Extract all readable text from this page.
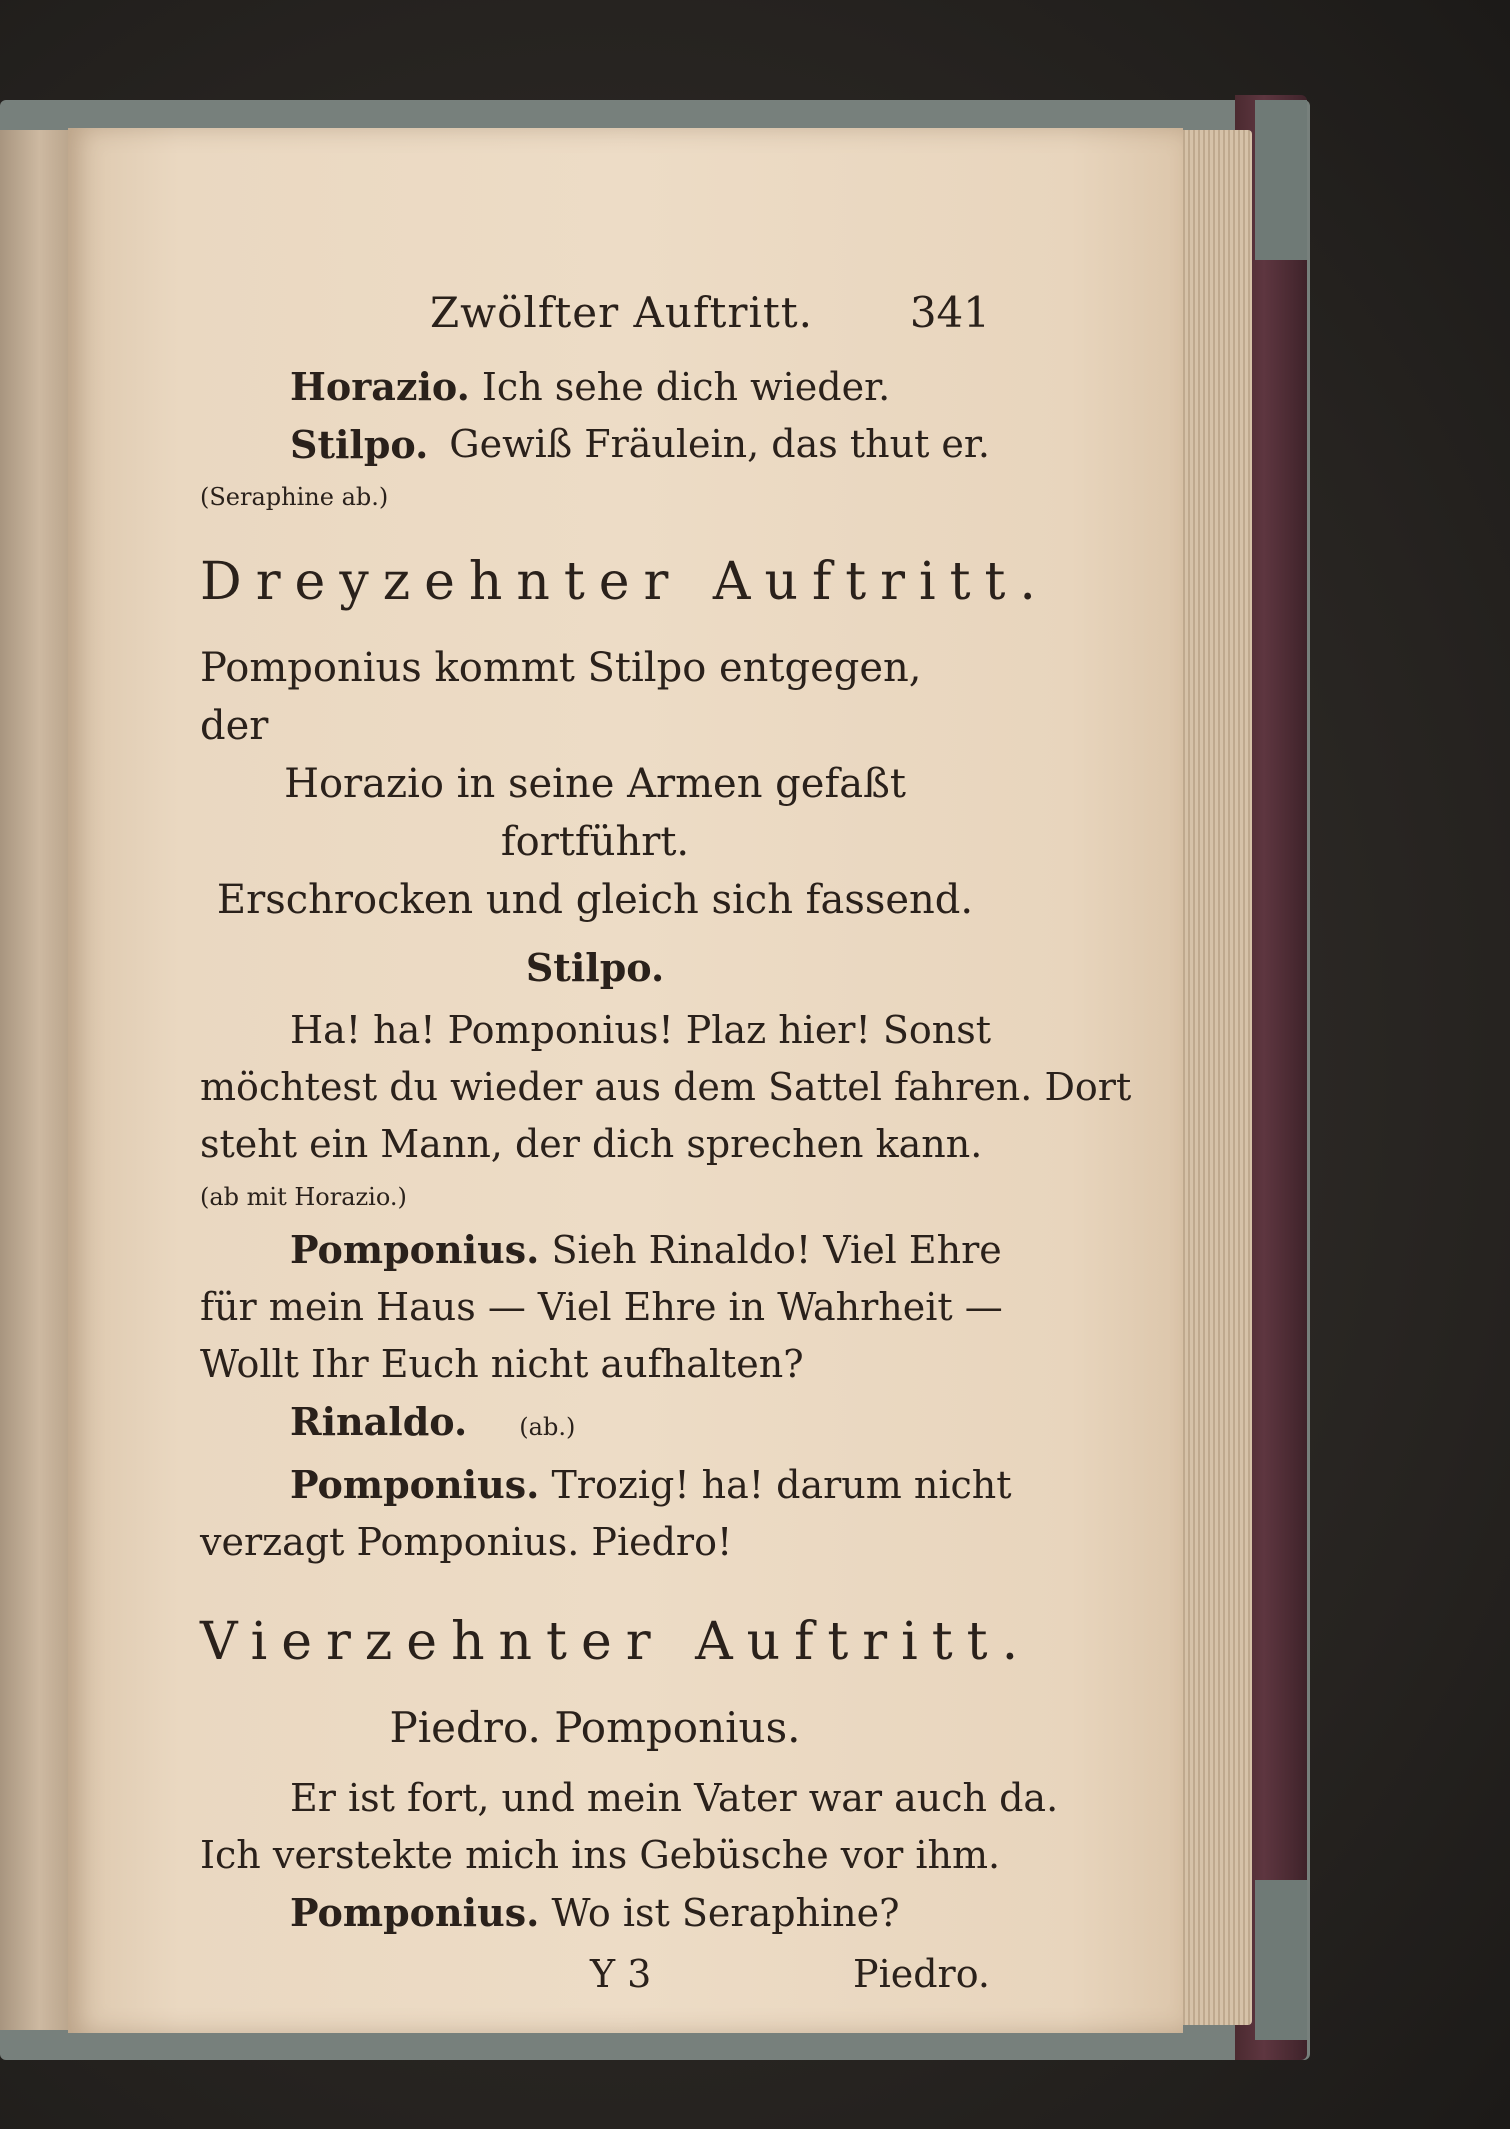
Zwölfter Auftritt. 341
Horazio. Ich sehe dich wieder.
Stilpo. Gewiß Fräulein, das thut er.
(Seraphine ab.)
Dreyzehnter Auftritt.
Pomponius kommt Stilpo entgegen, der
Horazio in seine Armen gefaßt fortführt.
Erschrocken und gleich sich fassend.
Stilpo.
Ha! ha! Pomponius! Plaz hier! Sonst
möchtest du wieder aus dem Sattel fahren. Dort
steht ein Mann, der dich sprechen kann.
(ab mit Horazio.)
Pomponius. Sieh Rinaldo! Viel Ehre
für mein Haus — Viel Ehre in Wahrheit —
Wollt Ihr Euch nicht aufhalten?
Rinaldo. (ab.)
Pomponius. Trozig! ha! darum nicht
verzagt Pomponius. Piedro!
Vierzehnter Auftritt.
Piedro. Pomponius.
Er ist fort, und mein Vater war auch da.
Ich verstekte mich ins Gebüsche vor ihm.
Pomponius. Wo ist Seraphine?
Y 3	Piedro.
